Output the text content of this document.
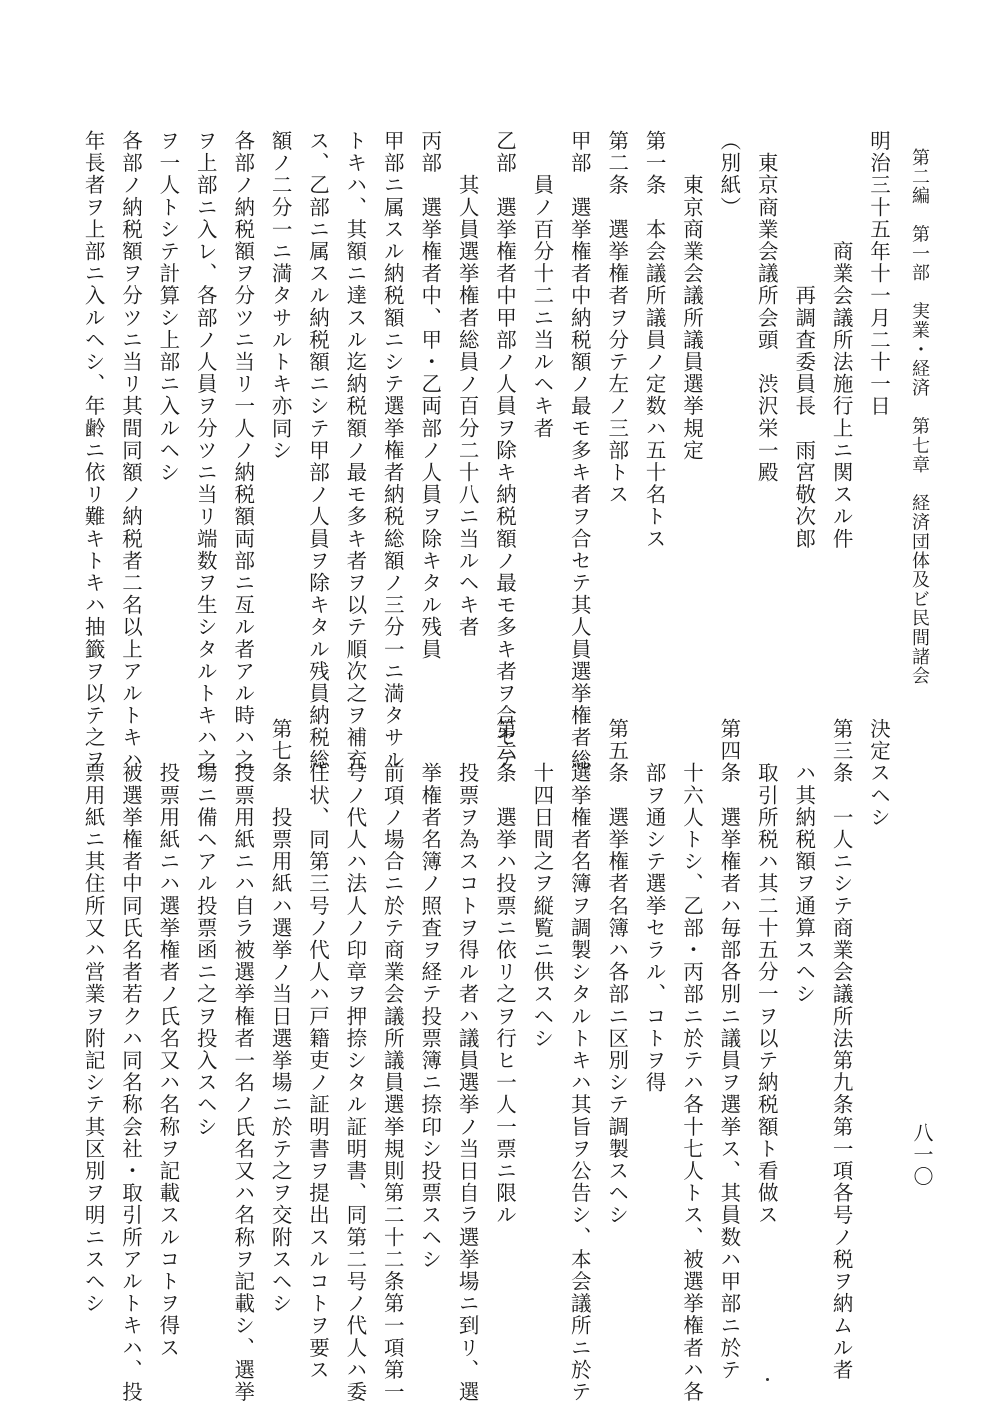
第二編　第一部　実業・経済　第七章　経済団体及ビ民間諸会
八一〇
明治三十五年十一月二十一日
　　　　　商業会議所法施行上ニ関スル件
　　　　　　　再調査委員長　雨宮敬次郎
　東京商業会議所会頭　渋沢栄一殿
（別紙）
　　東京商業会議所議員選挙規定
第一条　本会議所議員ノ定数ハ五十名トス
第二条　選挙権者ヲ分テ左ノ三部トス
甲部　選挙権者中納税額ノ最モ多キ者ヲ合セテ其人員選挙権者総
　　員ノ百分十二ニ当ルヘキ者
乙部　選挙権者中甲部ノ人員ヲ除キ納税額ノ最モ多キ者ヲ合セテ
　　其人員選挙権者総員ノ百分二十八ニ当ルヘキ者
丙部　選挙権者中、甲・乙両部ノ人員ヲ除キタル残員
甲部ニ属スル納税額ニシテ選挙権者納税総額ノ三分一ニ満タサル
トキハ、其額ニ達スル迄納税額ノ最モ多キ者ヲ以テ順次之ヲ補充
ス、乙部ニ属スル納税額ニシテ甲部ノ人員ヲ除キタル残員納税総
額ノ二分一ニ満タサルトキ亦同シ
各部ノ納税額ヲ分ツニ当リ一人ノ納税額両部ニ亙ル者アル時ハ之
ヲ上部ニ入レ、各部ノ人員ヲ分ツニ当リ端数ヲ生シタルトキハ之
ヲ一人トシテ計算シ上部ニ入ルヘシ
各部ノ納税額ヲ分ツニ当リ其間同額ノ納税者二名以上アルトキハ
年長者ヲ上部ニ入ルヘシ、年齢ニ依リ難キトキハ抽籤ヲ以テ之ヲ
決定スヘシ
第三条　一人ニシテ商業会議所法第九条第一項各号ノ税ヲ納ムル者
　　ハ其納税額ヲ通算スヘシ
　　取引所税ハ其二十五分一ヲ以テ納税額ト看做ス
第四条　選挙権者ハ毎部各別ニ議員ヲ選挙ス、其員数ハ甲部ニ於テ
　　十六人トシ、乙部・丙部ニ於テハ各十七人トス、被選挙権者ハ各
　　部ヲ通シテ選挙セラル、コトヲ得
第五条　選挙権者名簿ハ各部ニ区別シテ調製スヘシ
　　選挙権者名簿ヲ調製シタルトキハ其旨ヲ公告シ、本会議所ニ於テ
　　十四日間之ヲ縦覧ニ供スヘシ
第六条　選挙ハ投票ニ依リ之ヲ行ヒ一人一票ニ限ル
　　投票ヲ為スコトヲ得ル者ハ議員選挙ノ当日自ラ選挙場ニ到リ、選
　　挙権者名簿ノ照査ヲ経テ投票簿ニ捺印シ投票スヘシ
　　前項ノ場合ニ於テ商業会議所議員選挙規則第二十二条第一項第一
　　号ノ代人ハ法人ノ印章ヲ押捺シタル証明書、同第二号ノ代人ハ委
　　任状、同第三号ノ代人ハ戸籍吏ノ証明書ヲ提出スルコトヲ要ス
第七条　投票用紙ハ選挙ノ当日選挙場ニ於テ之ヲ交附スヘシ
　　投票用紙ニハ自ラ被選挙権者一名ノ氏名又ハ名称ヲ記載シ、選挙
　　場ニ備ヘアル投票函ニ之ヲ投入スヘシ
　　投票用紙ニハ選挙権者ノ氏名又ハ名称ヲ記載スルコトヲ得ス
　　被選挙権者中同氏名者若クハ同名称会社・取引所アルトキハ、投
　　票用紙ニ其住所又ハ営業ヲ附記シテ其区別ヲ明ニスヘシ
